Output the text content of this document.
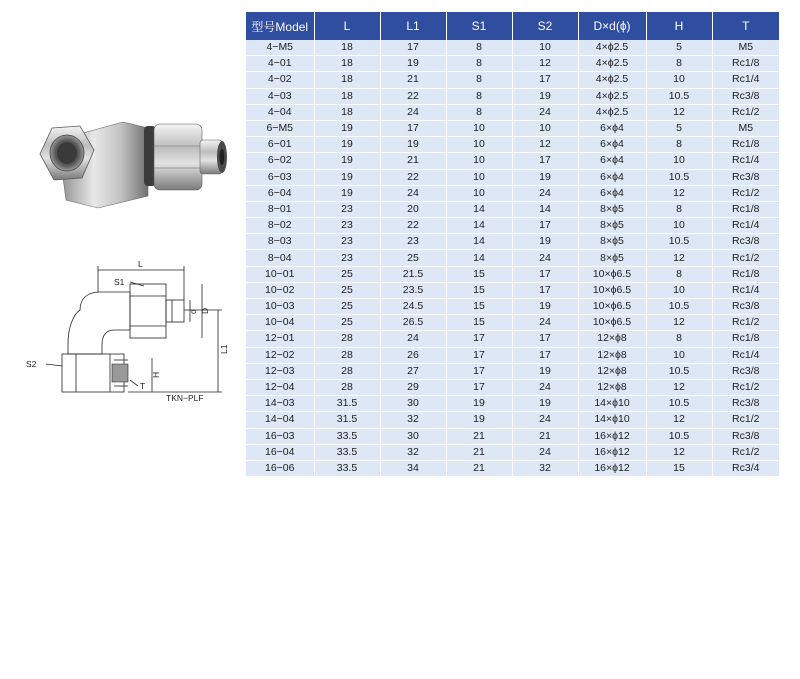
L
S1
S2
d D
L1
H
T
TKN−PLF
型号Model	L	L1	S1	S2	D×d(ϕ)	H	T
4−M5	18	17	8	10	4×ϕ2.5	5	M5
4−01	18	19	8	12	4×ϕ2.5	8	Rc1/8
4−02	18	21	8	17	4×ϕ2.5	10	Rc1/4
4−03	18	22	8	19	4×ϕ2.5	10.5	Rc3/8
4−04	18	24	8	24	4×ϕ2.5	12	Rc1/2
6−M5	19	17	10	10	6×ϕ4	5	M5
6−01	19	19	10	12	6×ϕ4	8	Rc1/8
6−02	19	21	10	17	6×ϕ4	10	Rc1/4
6−03	19	22	10	19	6×ϕ4	10.5	Rc3/8
6−04	19	24	10	24	6×ϕ4	12	Rc1/2
8−01	23	20	14	14	8×ϕ5	8	Rc1/8
8−02	23	22	14	17	8×ϕ5	10	Rc1/4
8−03	23	23	14	19	8×ϕ5	10.5	Rc3/8
8−04	23	25	14	24	8×ϕ5	12	Rc1/2
10−01	25	21.5	15	17	10×ϕ6.5	8	Rc1/8
10−02	25	23.5	15	17	10×ϕ6.5	10	Rc1/4
10−03	25	24.5	15	19	10×ϕ6.5	10.5	Rc3/8
10−04	25	26.5	15	24	10×ϕ6.5	12	Rc1/2
12−01	28	24	17	17	12×ϕ8	8	Rc1/8
12−02	28	26	17	17	12×ϕ8	10	Rc1/4
12−03	28	27	17	19	12×ϕ8	10.5	Rc3/8
12−04	28	29	17	24	12×ϕ8	12	Rc1/2
14−03	31.5	30	19	19	14×ϕ10	10.5	Rc3/8
14−04	31.5	32	19	24	14×ϕ10	12	Rc1/2
16−03	33.5	30	21	21	16×ϕ12	10.5	Rc3/8
16−04	33.5	32	21	24	16×ϕ12	12	Rc1/2
16−06	33.5	34	21	32	16×ϕ12	15	Rc3/4
